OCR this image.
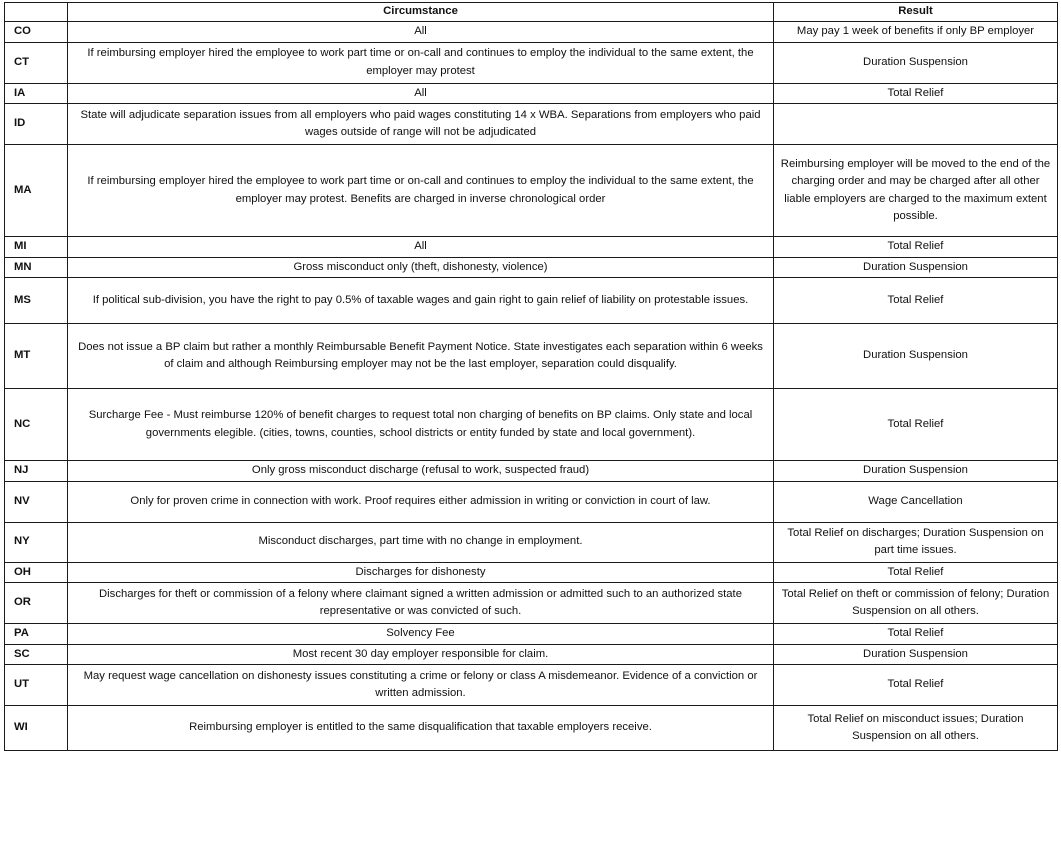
	Circumstance	Result
CO	All	May pay 1 week of benefits if only BP employer
CT	If reimbursing employer hired the employee to work part time or on-call and continues to employ the individual to the same extent, the employer may protest	Duration Suspension
IA	All	Total Relief
ID	State will adjudicate separation issues from all employers who paid wages constituting 14 x WBA. Separations from employers who paid wages outside of range will not be adjudicated	
MA	If reimbursing employer hired the employee to work part time or on-call and continues to employ the individual to the same extent, the employer may protest. Benefits are charged in inverse chronological order	Reimbursing employer will be moved to the end of the charging order and may be charged after all other liable employers are charged to the maximum extent possible.
MI	All	Total Relief
MN	Gross misconduct only (theft, dishonesty, violence)	Duration Suspension
MS	If political sub-division, you have the right to pay 0.5% of taxable wages and gain right to gain relief of liability on protestable issues.	Total Relief
MT	Does not issue a BP claim but rather a monthly Reimbursable Benefit Payment Notice. State investigates each separation within 6 weeks of claim and although Reimbursing employer may not be the last employer, separation could disqualify.	Duration Suspension
NC	Surcharge Fee - Must reimburse 120% of benefit charges to request total non charging of benefits on BP claims. Only state and local governments elegible. (cities, towns, counties, school districts or entity funded by state and local government).	Total Relief
NJ	Only gross misconduct discharge (refusal to work, suspected fraud)	Duration Suspension
NV	Only for proven crime in connection with work. Proof requires either admission in writing or conviction in court of law.	Wage Cancellation
NY	Misconduct discharges, part time with no change in employment.	Total Relief on discharges; Duration Suspension on part time issues.
OH	Discharges for dishonesty	Total Relief
OR	Discharges for theft or commission of a felony where claimant signed a written admission or admitted such to an authorized state representative or was convicted of such.	Total Relief on theft or commission of felony; Duration Suspension on all others.
PA	Solvency Fee	Total Relief
SC	Most recent 30 day employer responsible for claim.	Duration Suspension
UT	May request wage cancellation on dishonesty issues constituting a crime or felony or class A misdemeanor. Evidence of a conviction or written admission.	Total Relief
WI	Reimbursing employer is entitled to the same disqualification that taxable employers receive.	Total Relief on misconduct issues; Duration Suspension on all others.
